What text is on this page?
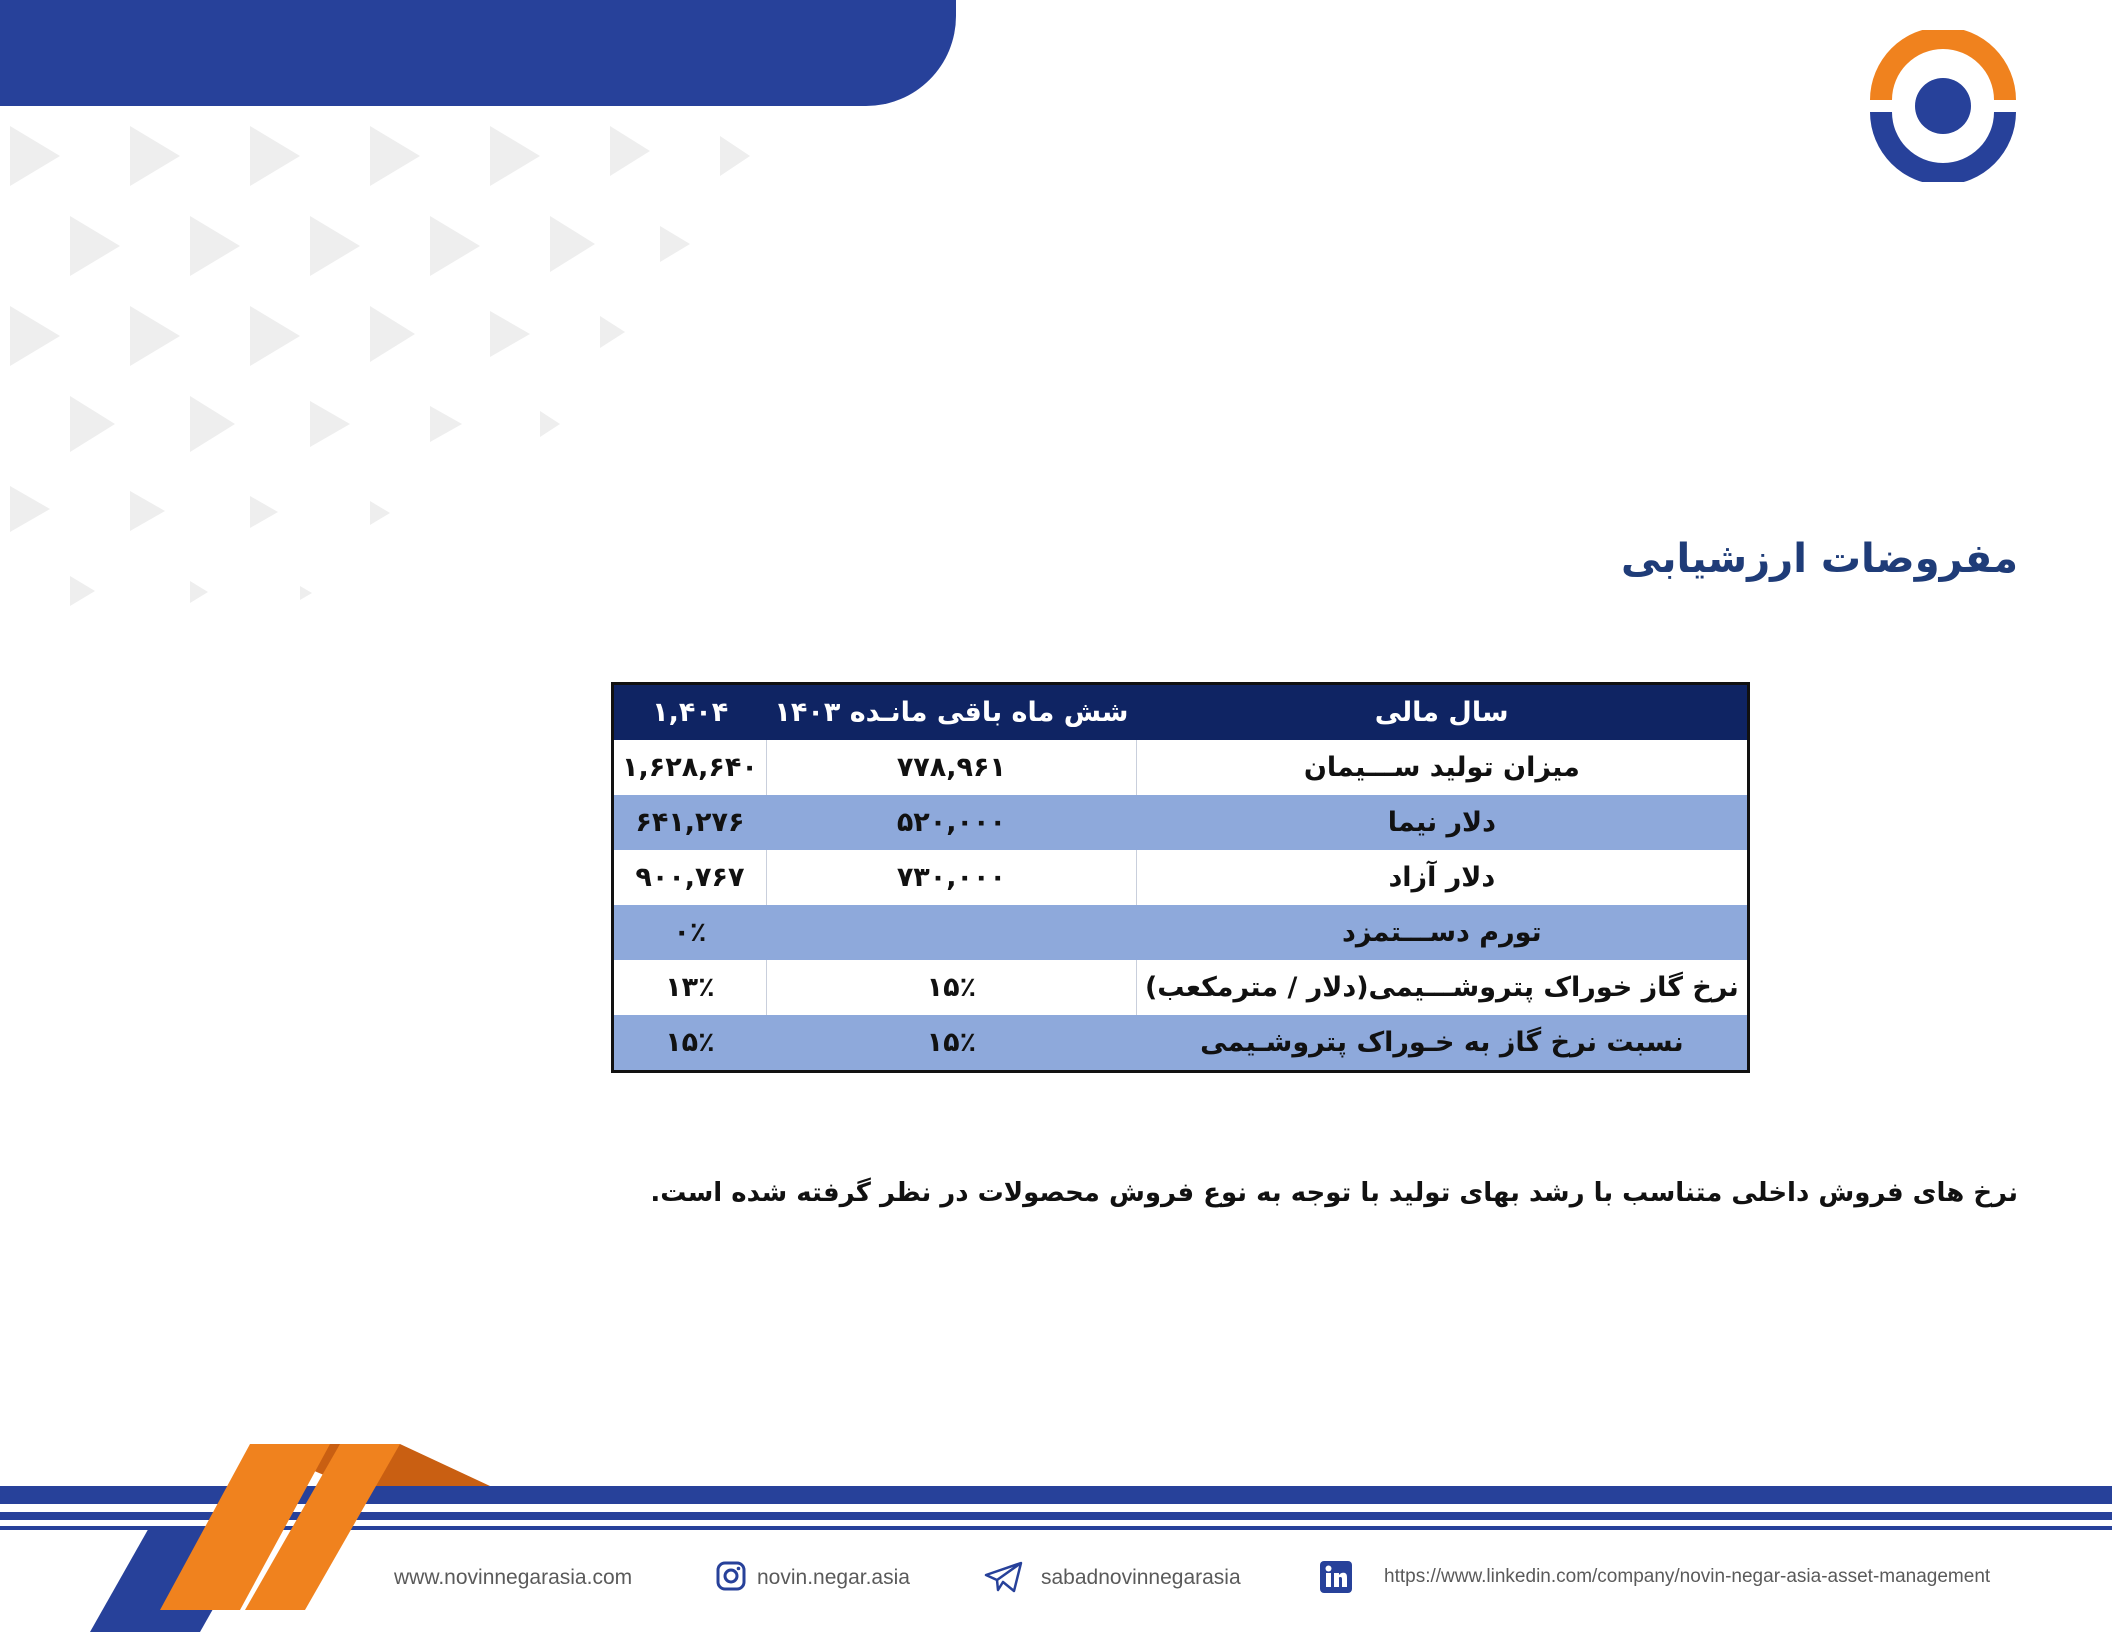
مفروضات ارزشیابی
سال مالی	شش ماه باقی مانـده ۱۴۰۳	۱,۴۰۴
میزان تولید ســـیمان	۷۷۸,۹۶۱	۱,۶۲۸,۶۴۰
دلار نیما	۵۲۰,۰۰۰	۶۴۱,۲۷۶
دلار آزاد	۷۳۰,۰۰۰	۹۰۰,۷۶۷
تورم دســـتمزد		۰٪
نرخ گاز خوراک پتروشـــیمی(دلار / مترمکعب)	۱۵٪	۱۳٪
نسبت نرخ گاز به خـوراک پتروشـیمی	۱۵٪	۱۵٪
نرخ های فروش داخلی متناسب با رشد بهای تولید با توجه به نوع فروش محصولات در نظر گرفته شده است.
www.novinnegarasia.com	novin.negar.asia	sabadnovinnegarasia	https://www.linkedin.com/company/novin-negar-asia-asset-management
